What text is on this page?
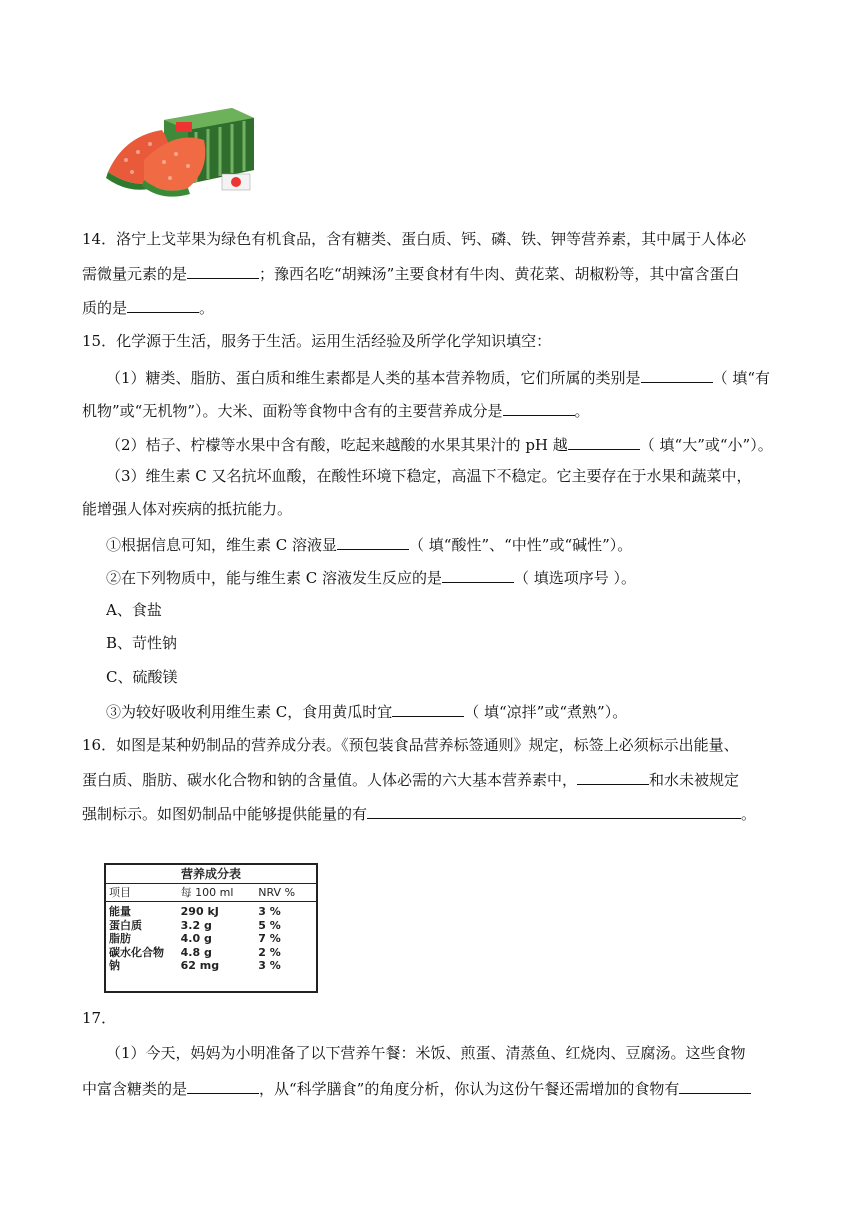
14．洛宁上戈苹果为绿色有机食品，含有糖类、蛋白质、钙、磷、铁、钾等营养素，其中属于人体必
需微量元素的是	；豫西名吃“胡辣汤”主要食材有牛肉、黄花菜、胡椒粉等，其中富含蛋白
质的是	。
15．化学源于生活，服务于生活。运用生活经验及所学化学知识填空：
（1）糖类、脂肪、蛋白质和维生素都是人类的基本营养物质，它们所属的类别是	（ 填“有
机物”或“无机物”）。大米、面粉等食物中含有的主要营养成分是	。
（2）桔子、柠檬等水果中含有酸，吃起来越酸的水果其果汁的 pH 越	（ 填“大”或“小”）。
（3）维生素 C 又名抗坏血酸，在酸性环境下稳定，高温下不稳定。它主要存在于水果和蔬菜中，
能增强人体对疾病的抵抗能力。
①根据信息可知，维生素 C 溶液显	（ 填“酸性”、“中性”或“碱性”）。
②在下列物质中，能与维生素 C 溶液发生反应的是	（ 填选项序号 ）。
A、食盐
B、苛性钠
C、硫酸镁
③为较好吸收利用维生素 C，食用黄瓜时宜	（ 填“凉拌”或“煮熟”）。
16．如图是某种奶制品的营养成分表。《预包装食品营养标签通则》规定，标签上必须标示出能量、
蛋白质、脂肪、碳水化合物和钠的含量值。人体必需的六大基本营养素中，	和水未被规定
强制标示。如图奶制品中能够提供能量的有	。
营养成分表
项目	每 100 ml	NRV %
能量	290 kJ	3 %
蛋白质	3.2 g	5 %
脂肪	4.0 g	7 %
碳水化合物	4.8 g	2 %
钠	62 mg	3 %
17．
（1）今天，妈妈为小明准备了以下营养午餐：米饭、煎蛋、清蒸鱼、红烧肉、豆腐汤。这些食物
中富含糖类的是	，从“科学膳食”的角度分析，你认为这份午餐还需增加的食物有
